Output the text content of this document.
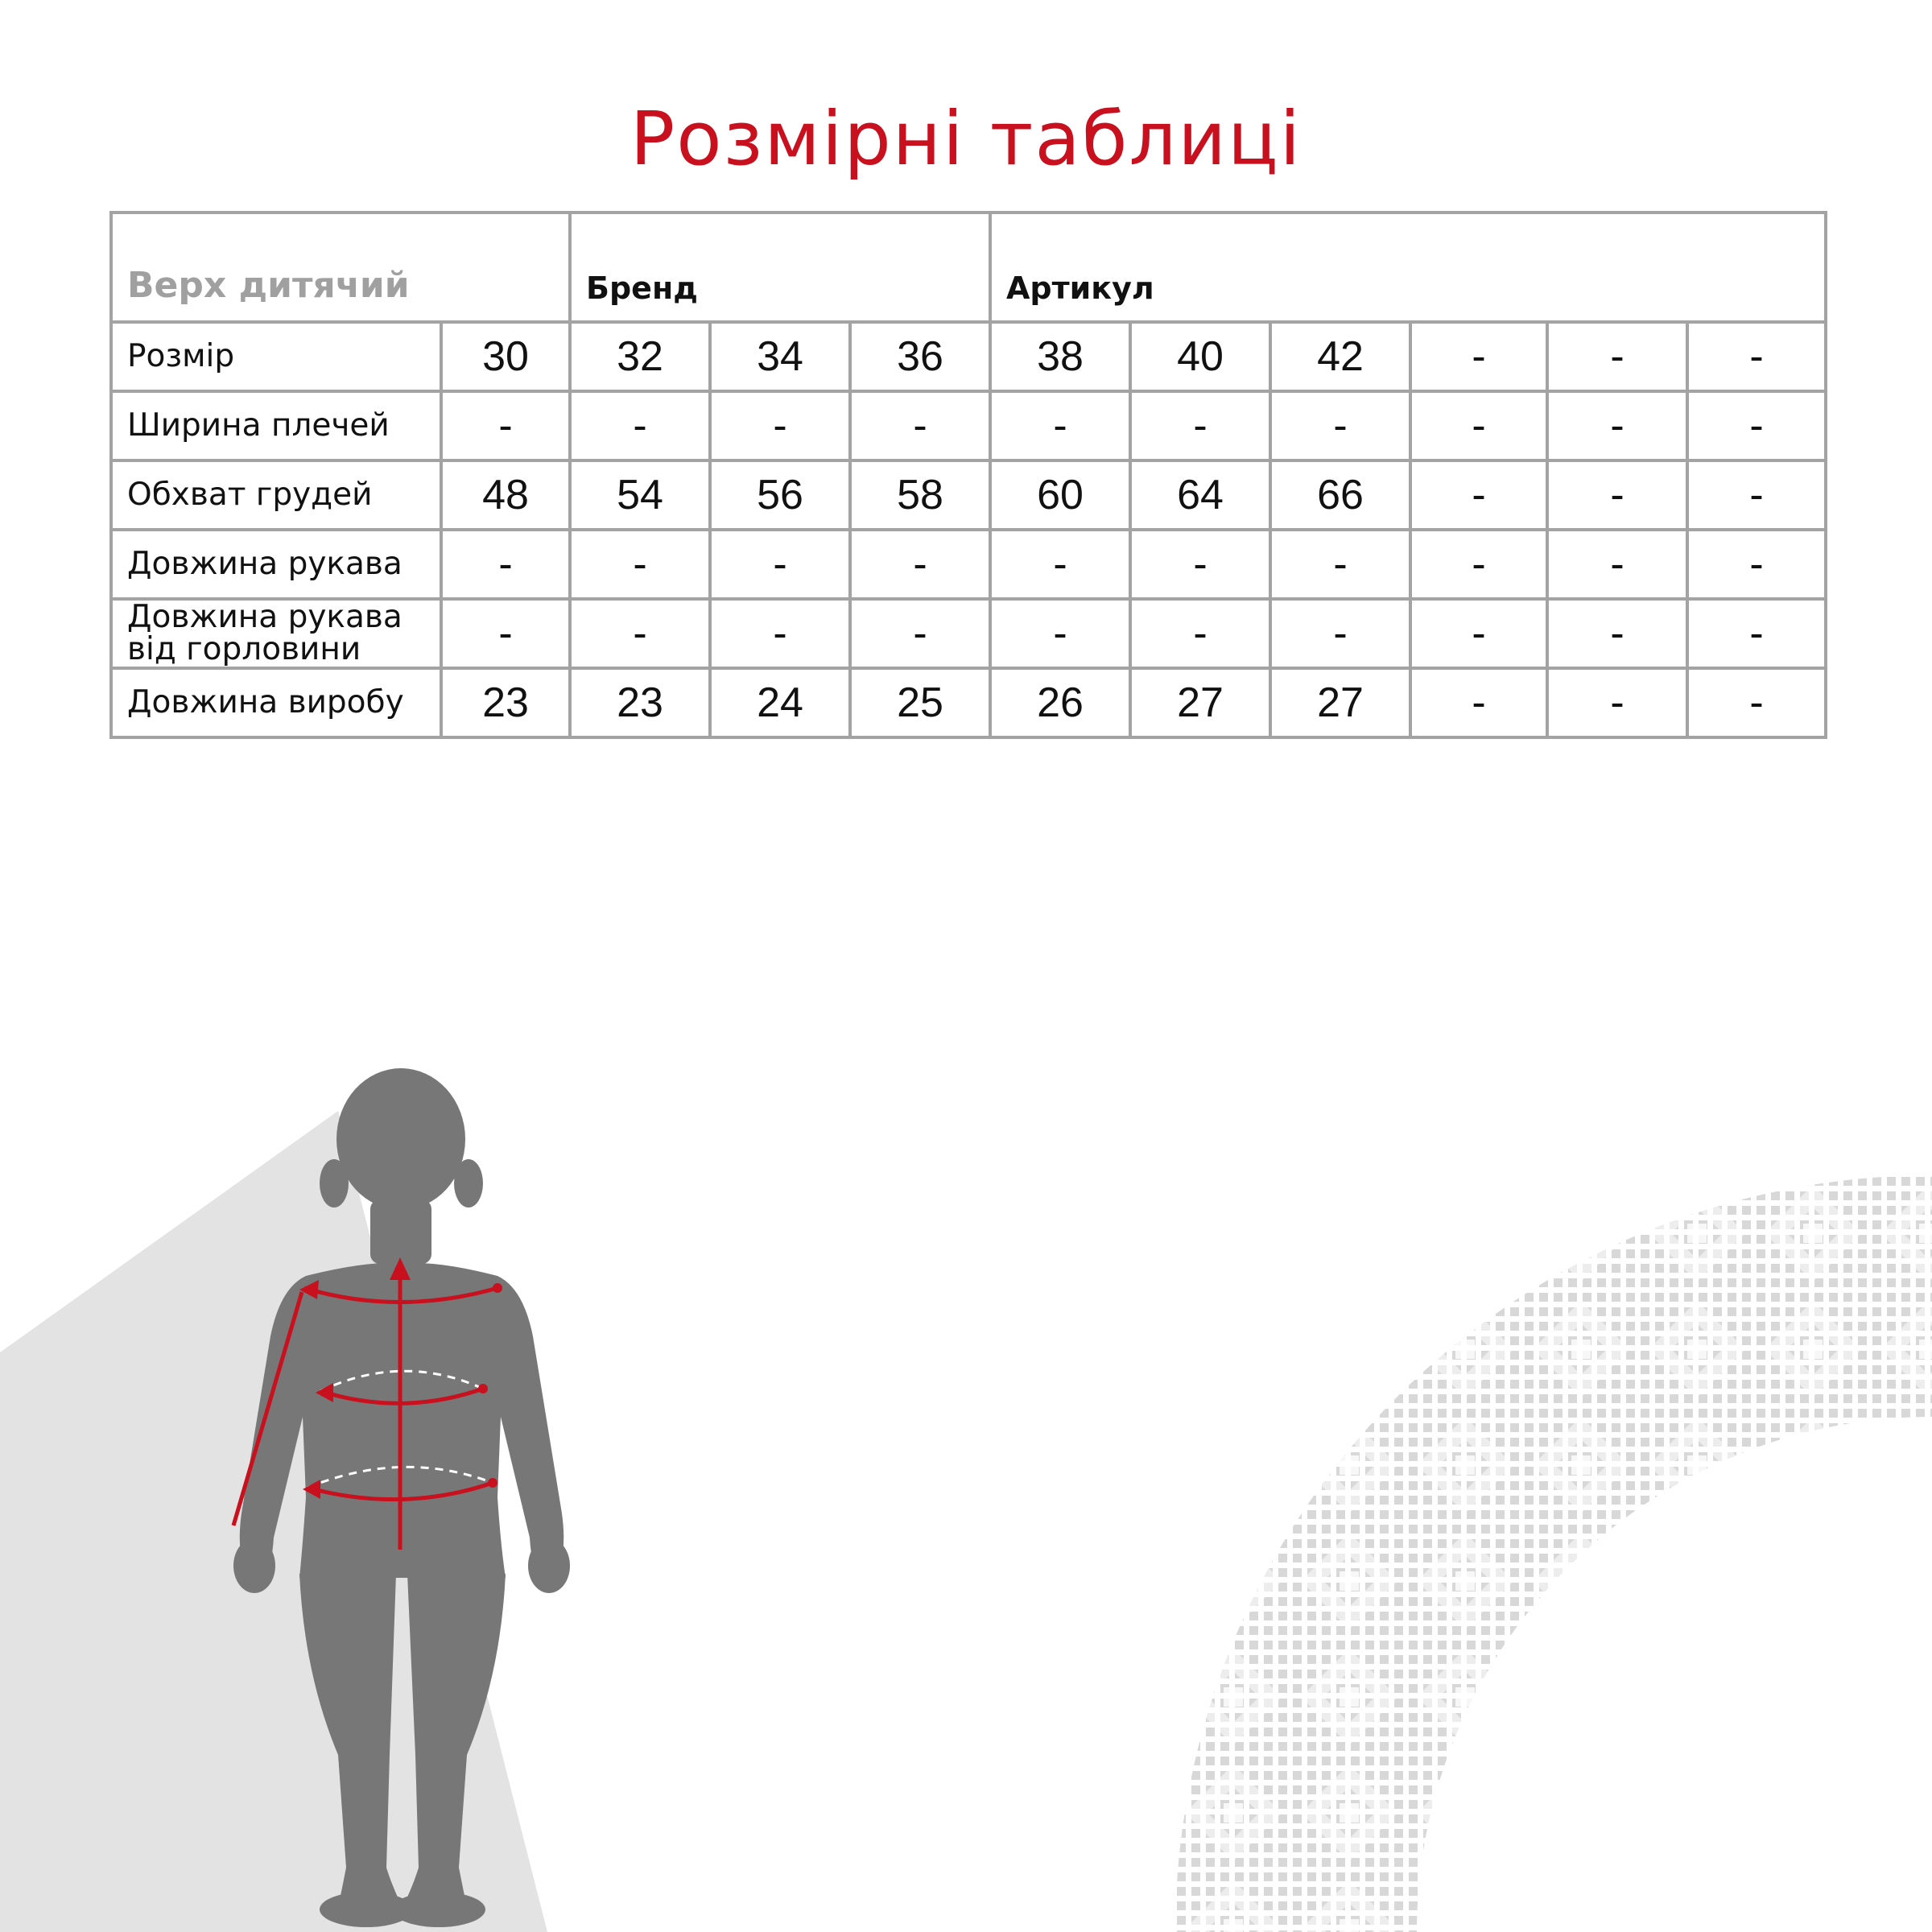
Розмірні таблиці
Верх дитячий		Бренд			Артикул					
Розмір	30	32	34	36	38	40	42	-	-	-
Ширина плечей	-	-	-	-	-	-	-	-	-	-
Обхват грудей	48	54	56	58	60	64	66	-	-	-
Довжина рукава	-	-	-	-	-	-	-	-	-	-
Довжина рукава від горловини	-	-	-	-	-	-	-	-	-	-
Довжина виробу	23	23	24	25	26	27	27	-	-	-
